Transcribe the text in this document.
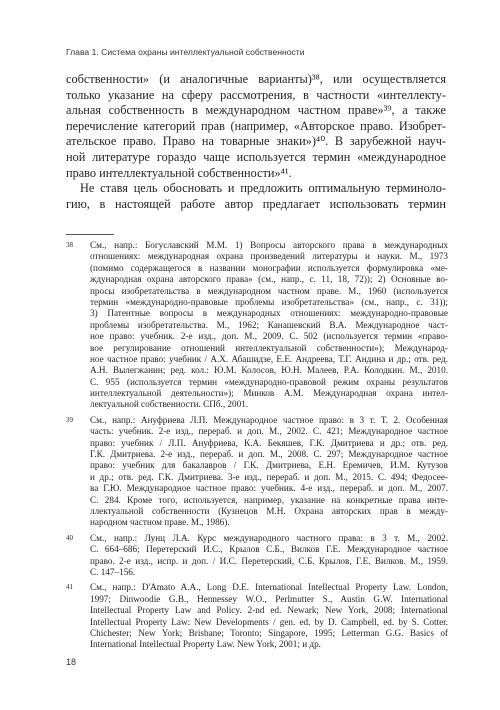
Глава 1. Система охраны интеллектуальной собственности
собственности» (и аналогичные варианты)³⁸, или осуществляется
только указание на сферу рассмотрения, в частности «интеллекту-
альная собственность в международном частном праве»³⁹, а также
перечисление категорий прав (например, «Авторское право. Изобрет-
ательское право. Право на товарные знаки»)⁴⁰. В зарубежной науч-
ной литературе гораздо чаще используется термин «международное
право интеллектуальной собственности»⁴¹.
Не ставя цель обосновать и предложить оптимальную терминоло-
гию, в настоящей работе автор предлагает использовать термин
38 См., напр.: Богуславский М.М. 1) Вопросы авторского права в международных
отношениях: международная охрана произведений литературы и науки. М., 1973
(помимо содержащегося в названии монографии используется формулировка «ме-
ждународная охрана авторского права» (см., напр., с. 11, 18, 72)); 2) Основные во-
просы изобретательства в международном частном праве. М., 1960 (используется
термин «международно-правовые проблемы изобретательства» (см., напр., с. 31));
3) Патентные вопросы в международных отношениях: международно-правовые
проблемы изобретательства. М., 1962; Канашевский В.А. Международное част-
ное право: учебник. 2-е изд., доп. М., 2009. С. 502 (используется термин «право-
вое регулирование отношений интеллектуальной собственности»); Международ-
ное частное право: учебник / А.Х. Абашидзе, Е.Е. Андреева, Т.Г. Андина и др.; отв. ред.
А.Н. Вылегжанин; ред. кол.: Ю.М. Колосов, Ю.Н. Малеев, Р.А. Колодкин. М., 2010.
С. 955 (используется термин «международно-правовой режим охраны результатов
интеллектуальной деятельности»); Минков А.М. Международная охрана интел-
лектуальной собственности. СПб., 2001.
39 См., напр.: Ануфриева Л.П. Международное частное право: в 3 т. Т. 2. Особенная
часть: учебник. 2-е изд., перераб. и доп. М., 2002. С. 421; Международное частное
право: учебник / Л.П. Ануфриева, К.А. Бекяшев, Г.К. Дмитриева и др.; отв. ред.
Г.К. Дмитриева. 2-е изд., перераб. и доп. М., 2008. С. 297; Международное частное
право: учебник для бакалавров / Г.К. Дмитриева, Е.Н. Еремичев, И.М. Кутузов
и др.; отв. ред. Г.К. Дмитриева. 3-е изд., перераб. и доп. М., 2015. С. 494; Федосее-
ва Г.Ю. Международное частное право: учебник. 4-е изд., перераб. и доп. М., 2007.
С. 284. Кроме того, используется, например, указание на конкретные права инте-
ллектуальной собственности (Кузнецов М.Н. Охрана авторских прав в между-
народном частном праве. М., 1986).
40 См., напр.: Лунц Л.А. Курс международного частного права: в 3 т. М., 2002.
С. 664–686; Перетерский И.С., Крылов С.Б., Вилков Г.Е. Международное частное
право. 2-е изд., испр. и доп. / И.С. Перетерский, С.Б. Крылов, Г.Е. Вилков. М., 1959.
С. 147–156.
41 См., напр.: D'Amato A.A., Long D.E. International Intellectual Property Law. London,
1997; Dinwoodie G.B., Hennessey W.O., Perlmutter S., Austin G.W. International
Intellectual Property Law and Policy. 2-nd ed. Newark; New York, 2008; International
Intellectual Property Law: New Developments / gen. ed. by D. Campbell, ed. by S. Cotter.
Chichester; New York; Brisbane; Toronto; Singapore, 1995; Letterman G.G. Basics of
International Intellectual Property Law. New York, 2001; и др.
18
